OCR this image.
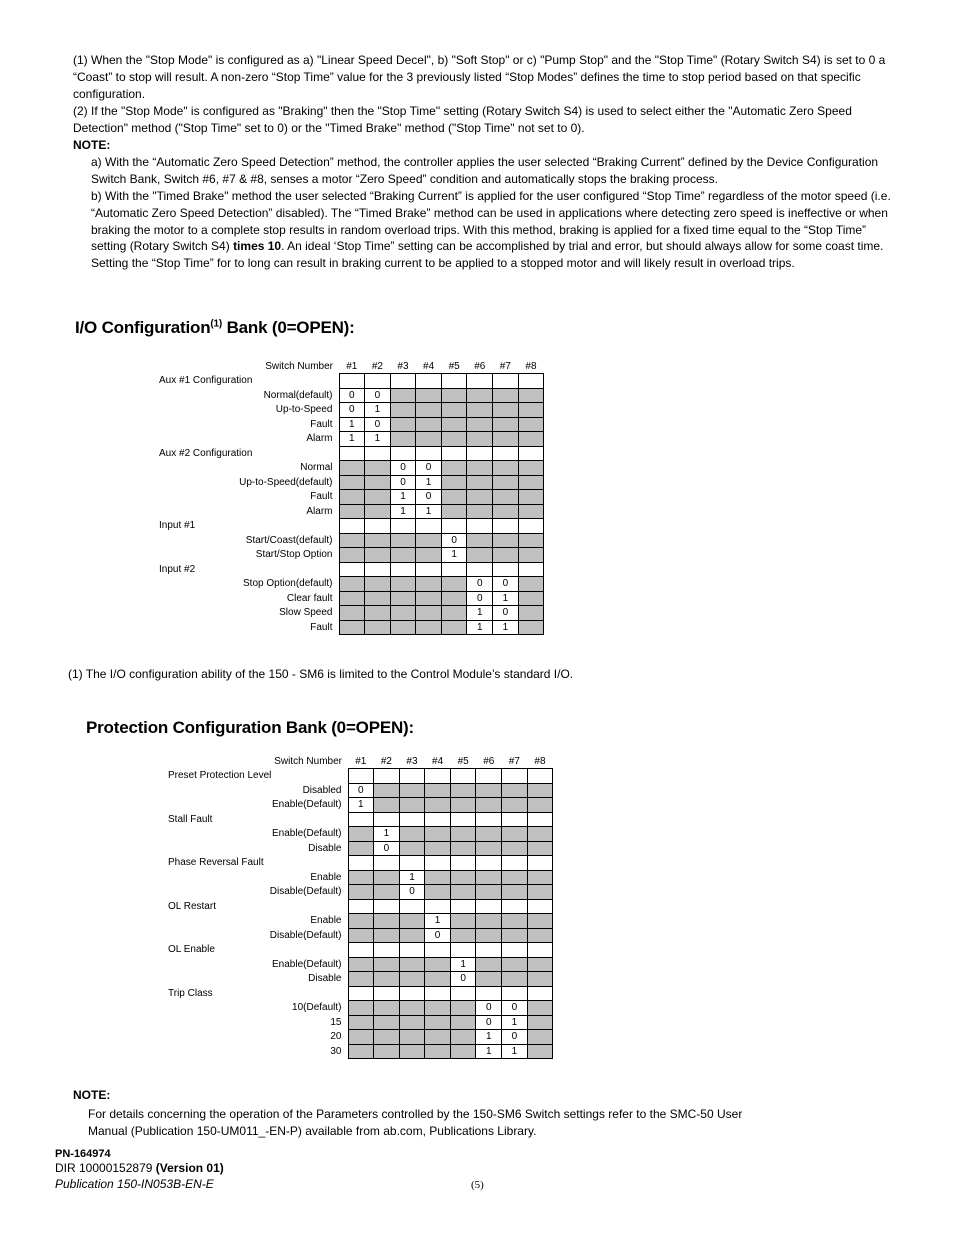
(1) When the "Stop Mode" is configured as a) "Linear Speed Decel", b) "Soft Stop" or c) "Pump Stop" and the "Stop Time" (Rotary Switch S4) is set to 0 a “Coast” to stop will result. A non-zero “Stop Time” value for the 3 previously listed “Stop Modes” defines the time to stop period based on that specific configuration.
(2) If the "Stop Mode" is configured as "Braking" then the "Stop Time" setting (Rotary Switch S4) is used to select either the "Automatic Zero Speed Detection" method ("Stop Time" set to 0) or the "Timed Brake" method ("Stop Time" not set to 0).
NOTE:
a) With the “Automatic Zero Speed Detection” method, the controller applies the user selected “Braking Current” defined by the Device Configuration Switch Bank, Switch #6, #7 & #8, senses a motor “Zero Speed” condition and automatically stops the braking process.
b) With the "Timed Brake" method the user selected “Braking Current” is applied for the user configured “Stop Time” regardless of the motor speed (i.e. “Automatic Zero Speed Detection” disabled). The “Timed Brake” method can be used in applications where detecting zero speed is ineffective or when braking the motor to a complete stop results in random overload trips. With this method, braking is applied for a fixed time equal to the “Stop Time” setting (Rotary Switch S4) times 10. An ideal ‘Stop Time” setting can be accomplished by trial and error, but should always allow for some coast time. Setting the “Stop Time” for to long can result in braking current to be applied to a stopped motor and will likely result in overload trips.
I/O Configuration$^{(1)}$ Bank (0=OPEN):
Switch Number	#1	#2	#3	#4	#5	#6	#7	#8
Aux #1 Configuration								
Normal(default)	0	0						
Up-to-Speed	0	1						
Fault	1	0						
Alarm	1	1						
Aux #2 Configuration								
Normal			0	0				
Up-to-Speed(default)			0	1				
Fault			1	0				
Alarm			1	1				
Input #1								
Start/Coast(default)					0			
Start/Stop Option					1			
Input #2								
Stop Option(default)						0	0	
Clear fault						0	1	
Slow Speed						1	0	
Fault						1	1	
(1) The I/O configuration ability of the 150 - SM6 is limited to the Control Module’s standard I/O.
Protection Configuration Bank (0=OPEN):
Switch Number	#1	#2	#3	#4	#5	#6	#7	#8
Preset Protection Level								
Disabled	0							
Enable(Default)	1							
Stall Fault								
Enable(Default)		1						
Disable		0						
Phase Reversal Fault								
Enable			1					
Disable(Default)			0					
OL Restart								
Enable				1				
Disable(Default)				0				
OL Enable								
Enable(Default)					1			
Disable					0			
Trip Class								
10(Default)						0	0	
15						0	1	
20						1	0	
30						1	1	
NOTE:
For details concerning the operation of the Parameters controlled by the 150-SM6 Switch settings refer to the SMC-50 User Manual (Publication 150-UM011_-EN-P) available from ab.com, Publications Library.
PN-164974
DIR 10000152879 (Version 01)
Publication 150-IN053B-EN-E	(5)
